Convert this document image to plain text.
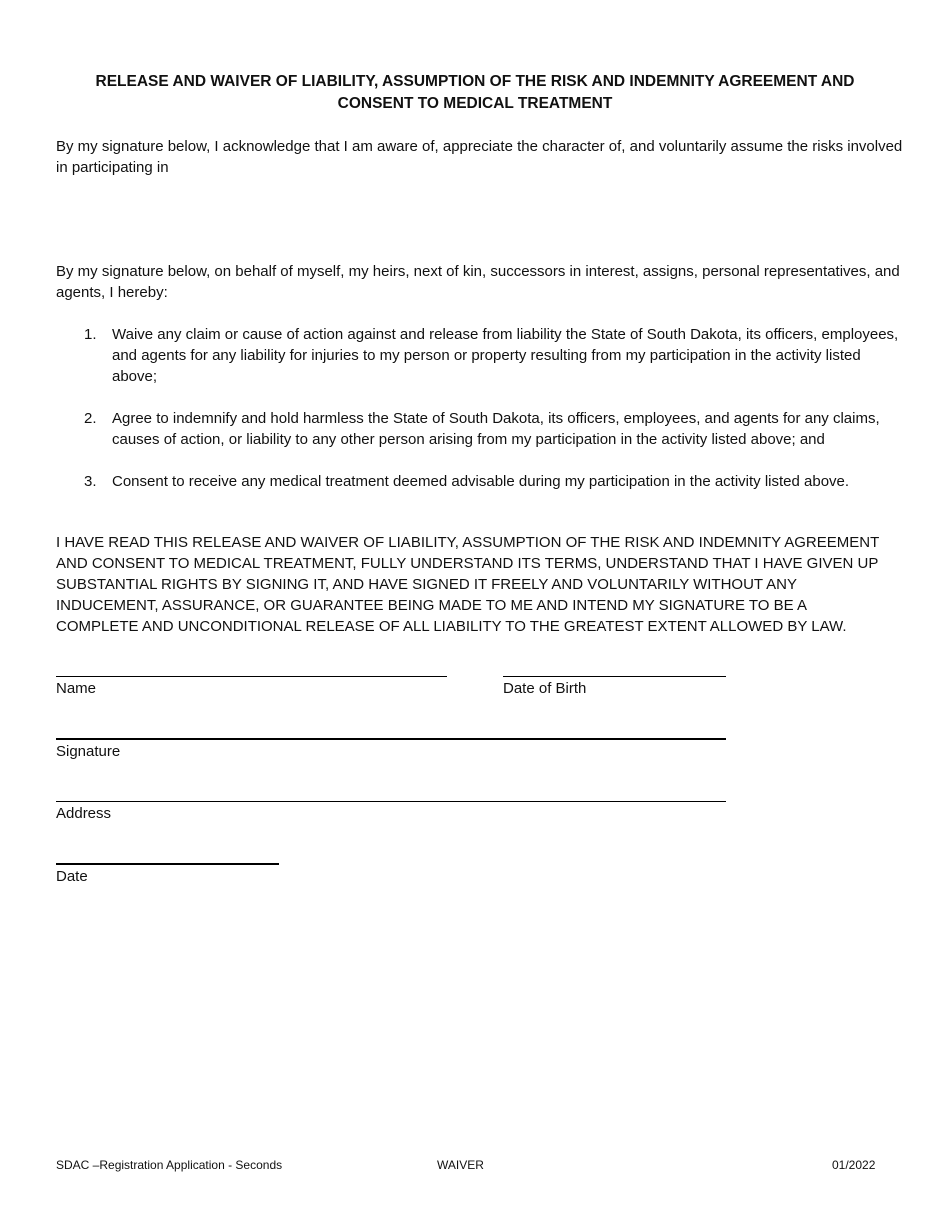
RELEASE AND WAIVER OF LIABILITY, ASSUMPTION OF THE RISK AND INDEMNITY AGREEMENT AND CONSENT TO MEDICAL TREATMENT
By my signature below, I acknowledge that I am aware of, appreciate the character of, and voluntarily assume the risks involved in participating in
By my signature below, on behalf of myself, my heirs, next of kin, successors in interest, assigns, personal representatives, and agents, I hereby:
1. Waive any claim or cause of action against and release from liability the State of South Dakota, its officers, employees, and agents for any liability for injuries to my person or property resulting from my participation in the activity listed above;
2. Agree to indemnify and hold harmless the State of South Dakota, its officers, employees, and agents for any claims, causes of action, or liability to any other person arising from my participation in the activity listed above; and
3. Consent to receive any medical treatment deemed advisable during my participation in the activity listed above.
I HAVE READ THIS RELEASE AND WAIVER OF LIABILITY, ASSUMPTION OF THE RISK AND INDEMNITY AGREEMENT AND CONSENT TO MEDICAL TREATMENT, FULLY UNDERSTAND ITS TERMS, UNDERSTAND THAT I HAVE GIVEN UP SUBSTANTIAL RIGHTS BY SIGNING IT, AND HAVE SIGNED IT FREELY AND VOLUNTARILY WITHOUT ANY INDUCEMENT, ASSURANCE, OR GUARANTEE BEING MADE TO ME AND INTEND MY SIGNATURE TO BE A COMPLETE AND UNCONDITIONAL RELEASE OF ALL LIABILITY TO THE GREATEST EXTENT ALLOWED BY LAW.
Name	Date of Birth
Signature
Address
Date
SDAC –Registration Application - Seconds	WAIVER	01/2022
